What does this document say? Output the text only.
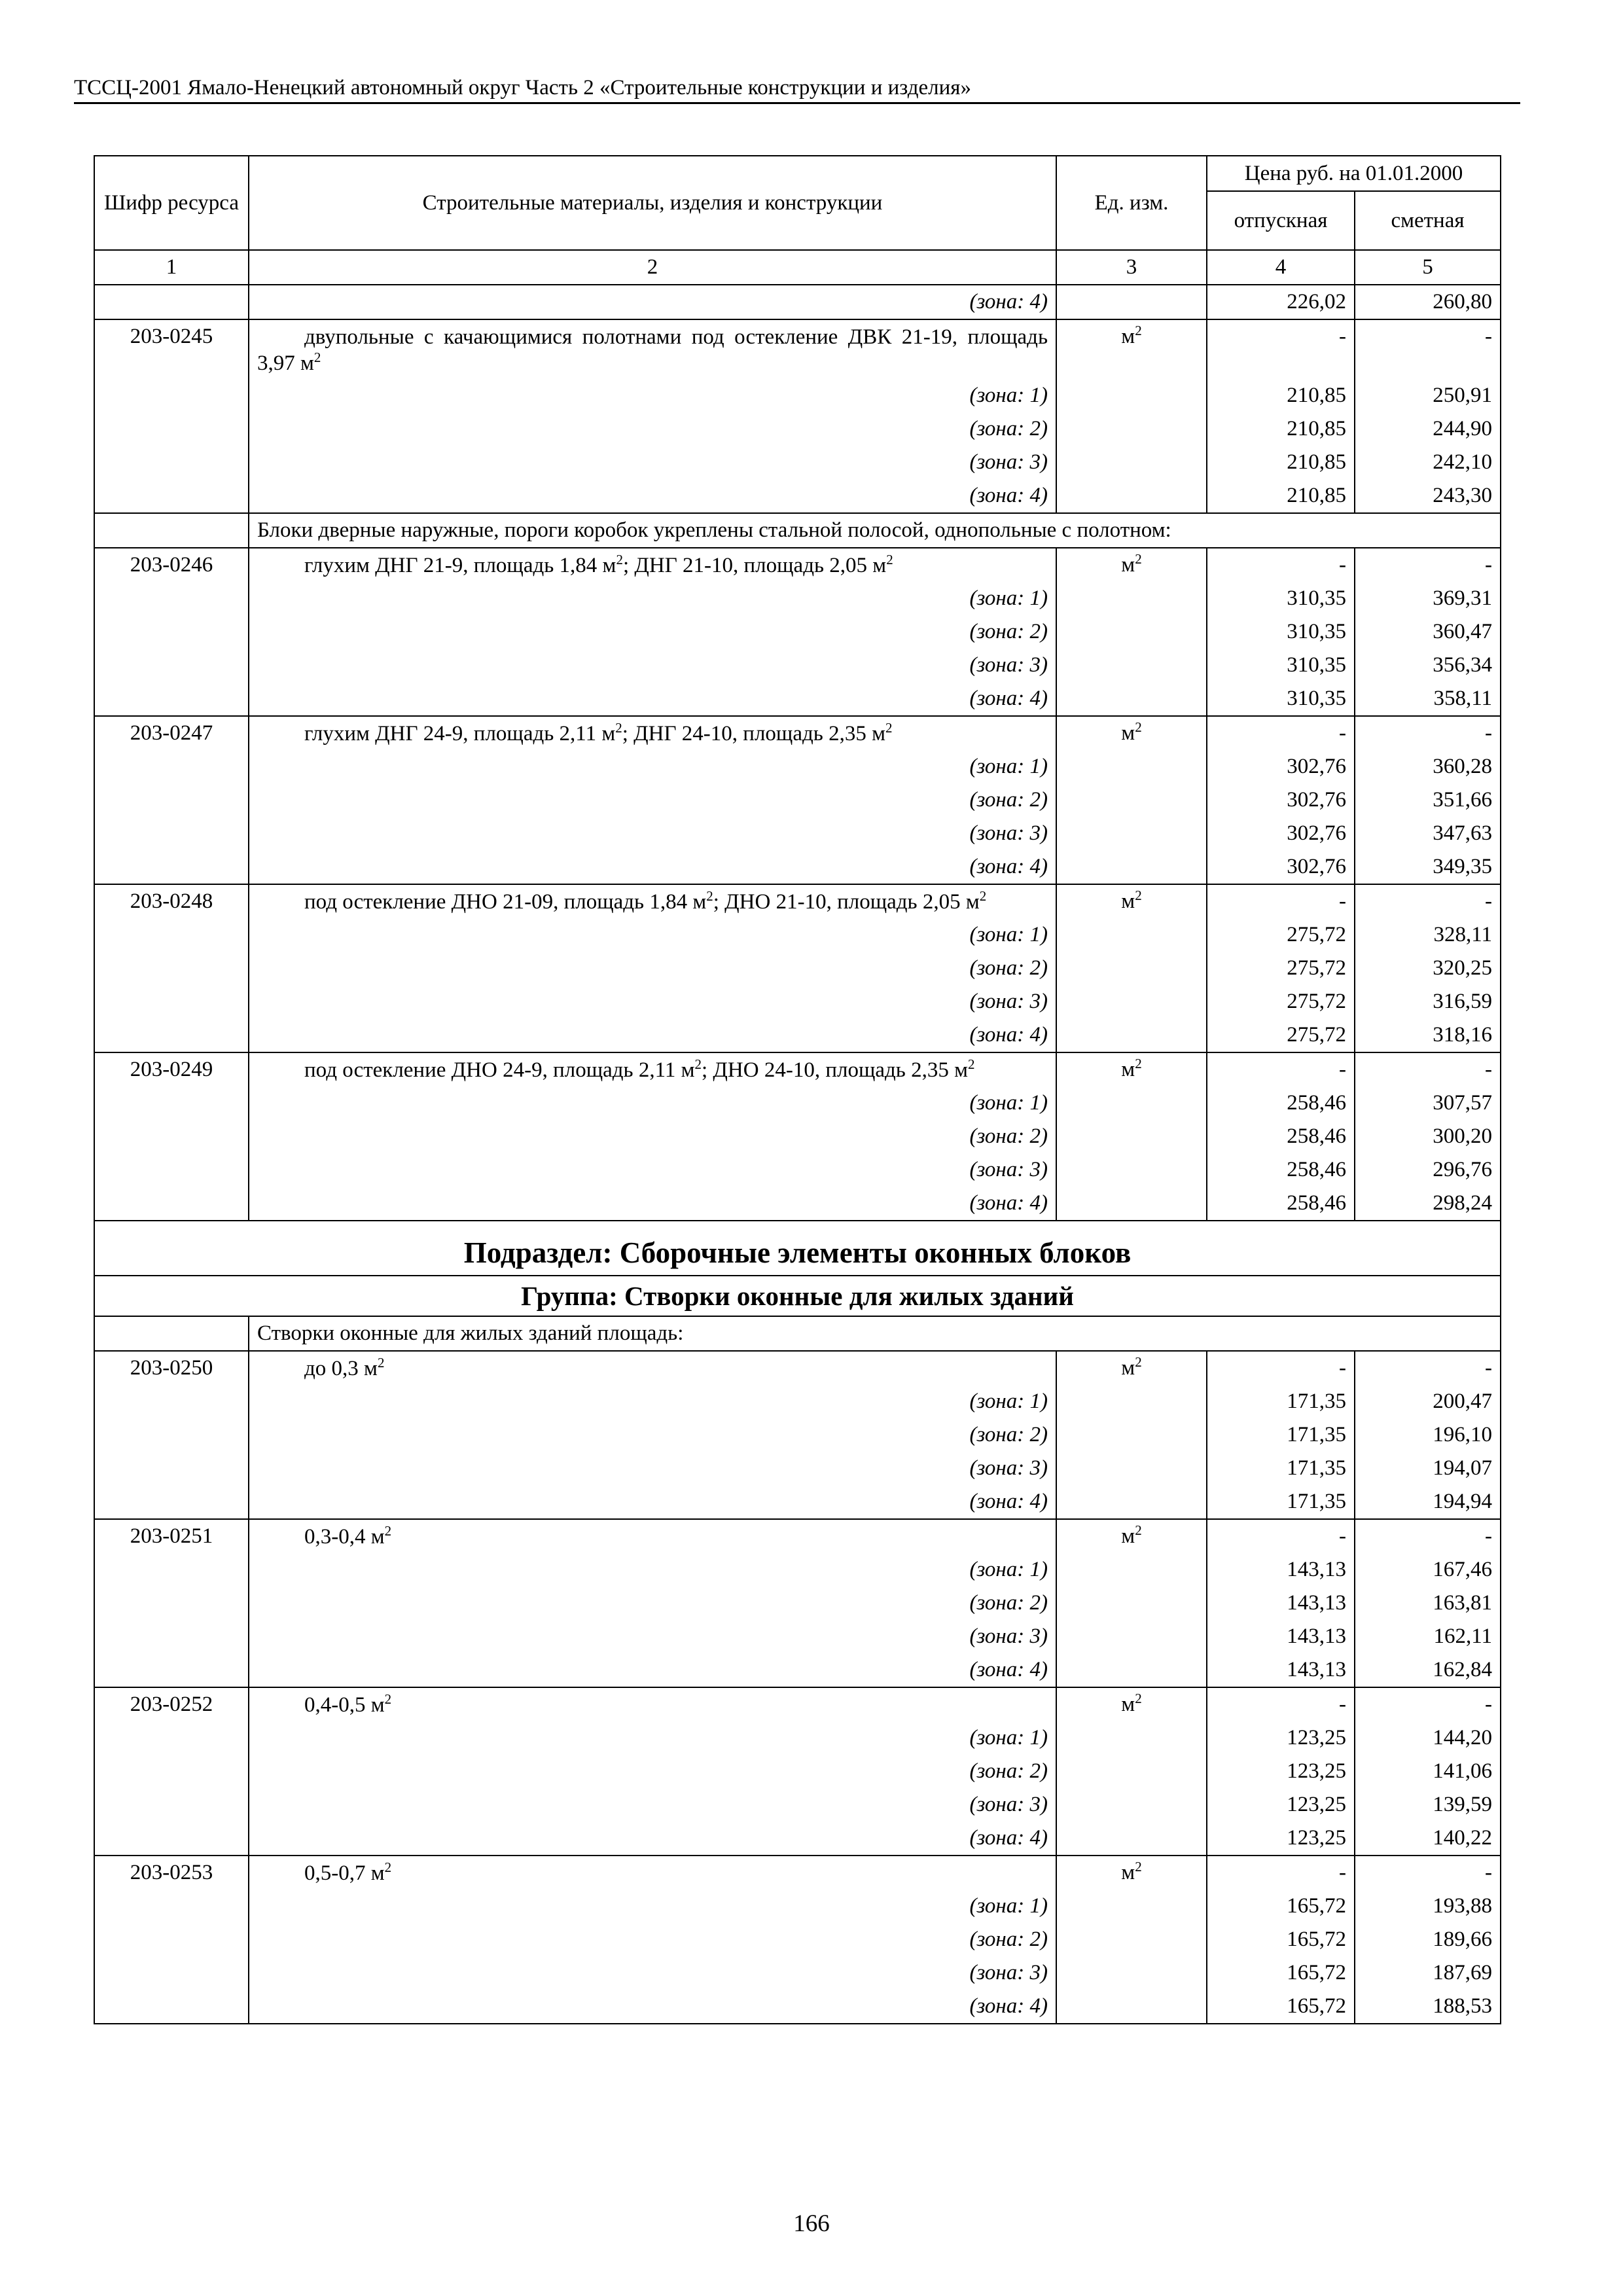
ТССЦ-2001 Ямало-Ненецкий автономный округ Часть 2 «Строительные конструкции и изделия»
Шифр ресурса	Строительные материалы, изделия и конструкции	Ед. изм.	Цена руб. на 01.01.2000	
			отпускная	сметная
1	2	3	4	5
	(зона: 4)		226,02	260,80
203-0245	двупольные с качающимися полотнами под остекление ДВК 21-19, площадь 3,97 $м^2$	$м^2$	-	-
	(зона: 1)		210,85	250,91
	(зона: 2)		210,85	244,90
	(зона: 3)		210,85	242,10
	(зона: 4)		210,85	243,30
	Блоки дверные наружные, пороги коробок укреплены стальной полосой, однопольные с полотном:			
203-0246	глухим ДНГ 21-9, площадь 1,84 $м^2$; ДНГ 21-10, площадь 2,05 $м^2$	$м^2$	-	-
	(зона: 1)		310,35	369,31
	(зона: 2)		310,35	360,47
	(зона: 3)		310,35	356,34
	(зона: 4)		310,35	358,11
203-0247	глухим ДНГ 24-9, площадь 2,11 $м^2$; ДНГ 24-10, площадь 2,35 $м^2$	$м^2$	-	-
	(зона: 1)		302,76	360,28
	(зона: 2)		302,76	351,66
	(зона: 3)		302,76	347,63
	(зона: 4)		302,76	349,35
203-0248	под остекление ДНО 21-09, площадь 1,84 $м^2$; ДНО 21-10, площадь 2,05 $м^2$	$м^2$	-	-
	(зона: 1)		275,72	328,11
	(зона: 2)		275,72	320,25
	(зона: 3)		275,72	316,59
	(зона: 4)		275,72	318,16
203-0249	под остекление ДНО 24-9, площадь 2,11 $м^2$; ДНО 24-10, площадь 2,35 $м^2$	$м^2$	-	-
	(зона: 1)		258,46	307,57
	(зона: 2)		258,46	300,20
	(зона: 3)		258,46	296,76
	(зона: 4)		258,46	298,24
Подраздел: Сборочные элементы оконных блоков				
Группа: Створки оконные для жилых зданий				
	Створки оконные для жилых зданий площадь:			
203-0250	до 0,3 $м^2$	$м^2$	-	-
	(зона: 1)		171,35	200,47
	(зона: 2)		171,35	196,10
	(зона: 3)		171,35	194,07
	(зона: 4)		171,35	194,94
203-0251	0,3-0,4 $м^2$	$м^2$	-	-
	(зона: 1)		143,13	167,46
	(зона: 2)		143,13	163,81
	(зона: 3)		143,13	162,11
	(зона: 4)		143,13	162,84
203-0252	0,4-0,5 $м^2$	$м^2$	-	-
	(зона: 1)		123,25	144,20
	(зона: 2)		123,25	141,06
	(зона: 3)		123,25	139,59
	(зона: 4)		123,25	140,22
203-0253	0,5-0,7 $м^2$	$м^2$	-	-
	(зона: 1)		165,72	193,88
	(зона: 2)		165,72	189,66
	(зона: 3)		165,72	187,69
	(зона: 4)		165,72	188,53
166
